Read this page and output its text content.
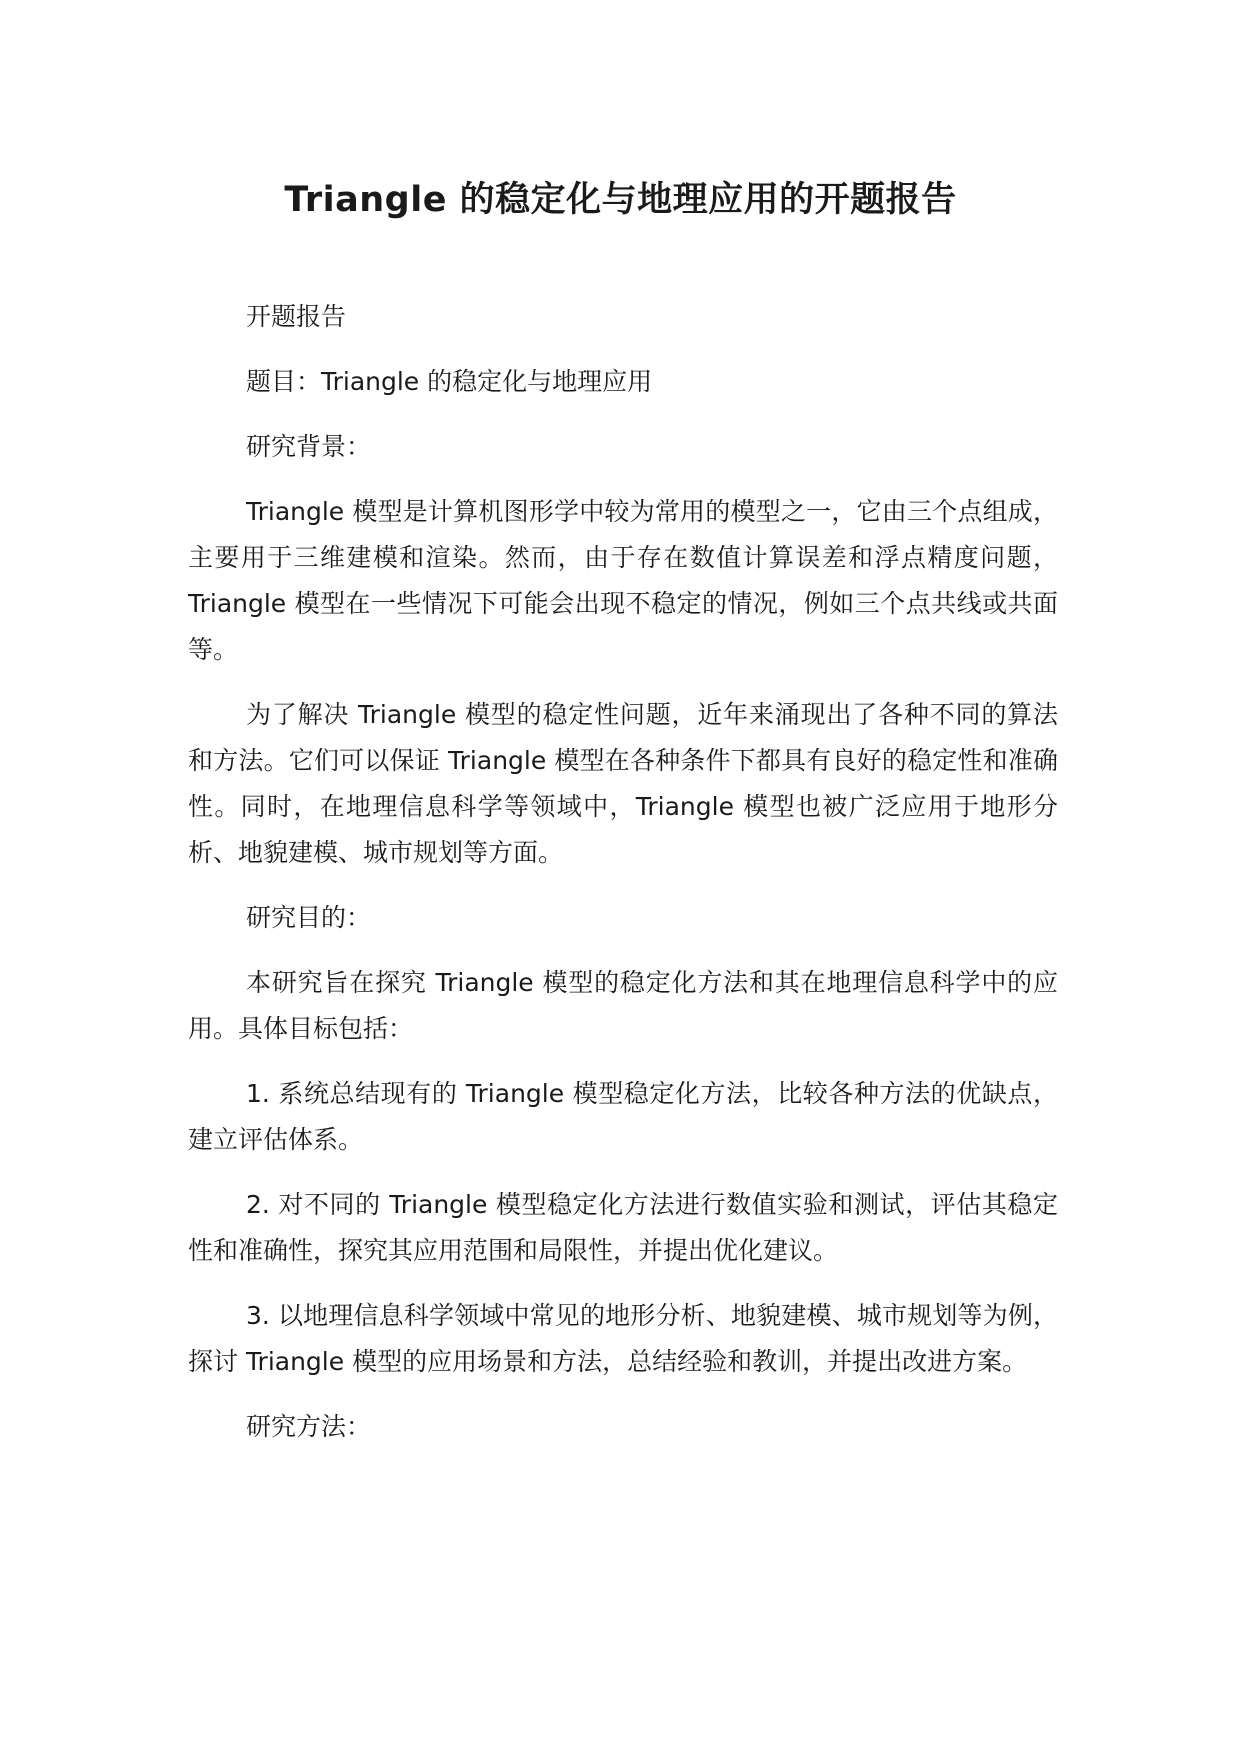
Triangle 的稳定化与地理应用的开题报告

开题报告

题目：Triangle 的稳定化与地理应用

研究背景：

Triangle 模型是计算机图形学中较为常用的模型之一，它由三个点组成，主要用于三维建模和渲染。然而，由于存在数值计算误差和浮点精度问题，Triangle 模型在一些情况下可能会出现不稳定的情况，例如三个点共线或共面等。

为了解决 Triangle 模型的稳定性问题，近年来涌现出了各种不同的算法和方法。它们可以保证 Triangle 模型在各种条件下都具有良好的稳定性和准确性。同时，在地理信息科学等领域中，Triangle 模型也被广泛应用于地形分析、地貌建模、城市规划等方面。

研究目的：

本研究旨在探究 Triangle 模型的稳定化方法和其在地理信息科学中的应用。具体目标包括：

1. 系统总结现有的 Triangle 模型稳定化方法，比较各种方法的优缺点，建立评估体系。

2. 对不同的 Triangle 模型稳定化方法进行数值实验和测试，评估其稳定性和准确性，探究其应用范围和局限性，并提出优化建议。

3. 以地理信息科学领域中常见的地形分析、地貌建模、城市规划等为例，探讨 Triangle 模型的应用场景和方法，总结经验和教训，并提出改进方案。

研究方法：
